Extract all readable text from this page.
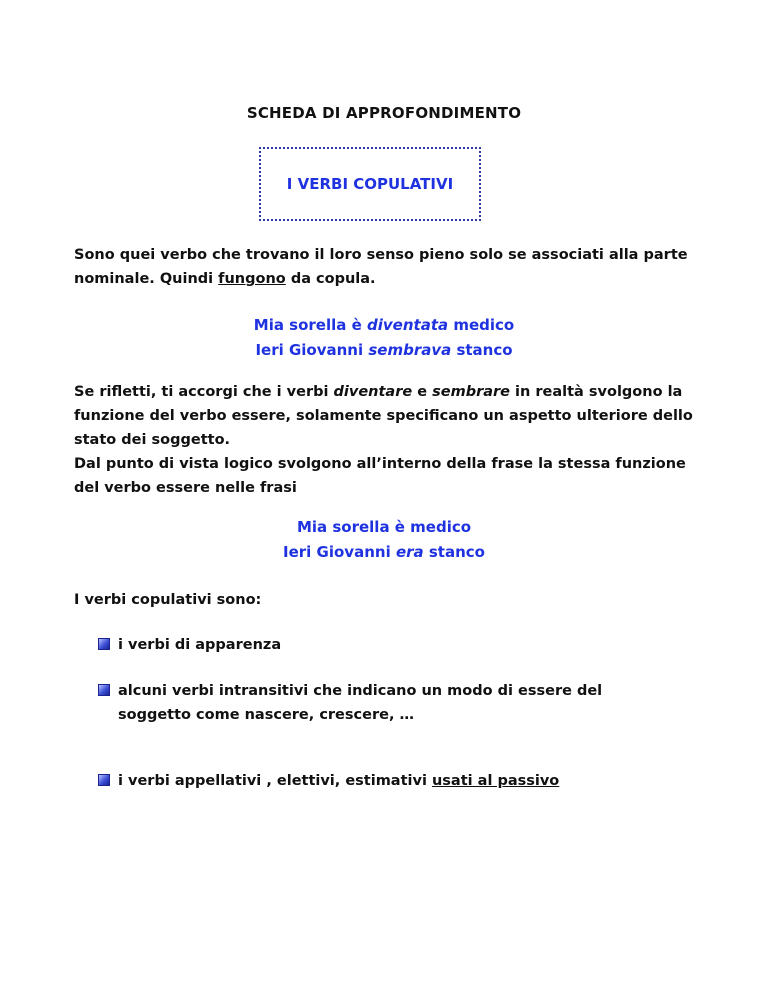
SCHEDA DI APPROFONDIMENTO
I VERBI COPULATIVI
Sono quei verbo che trovano il loro senso pieno solo se associati alla parte nominale. Quindi fungono da copula.
Mia sorella è diventata medico
Ieri Giovanni sembrava stanco
Se rifletti, ti accorgi che i verbi diventare e sembrare in realtà svolgono la funzione del verbo essere, solamente specificano un aspetto ulteriore dello stato dei soggetto.
Dal punto di vista logico svolgono all’interno della frase la stessa funzione del verbo essere nelle frasi
Mia sorella è medico
Ieri Giovanni era stanco
I verbi copulativi sono:
i verbi di apparenza
alcuni verbi intransitivi che indicano un modo di essere del soggetto come nascere, crescere, …
i verbi appellativi , elettivi, estimativi usati al passivo
